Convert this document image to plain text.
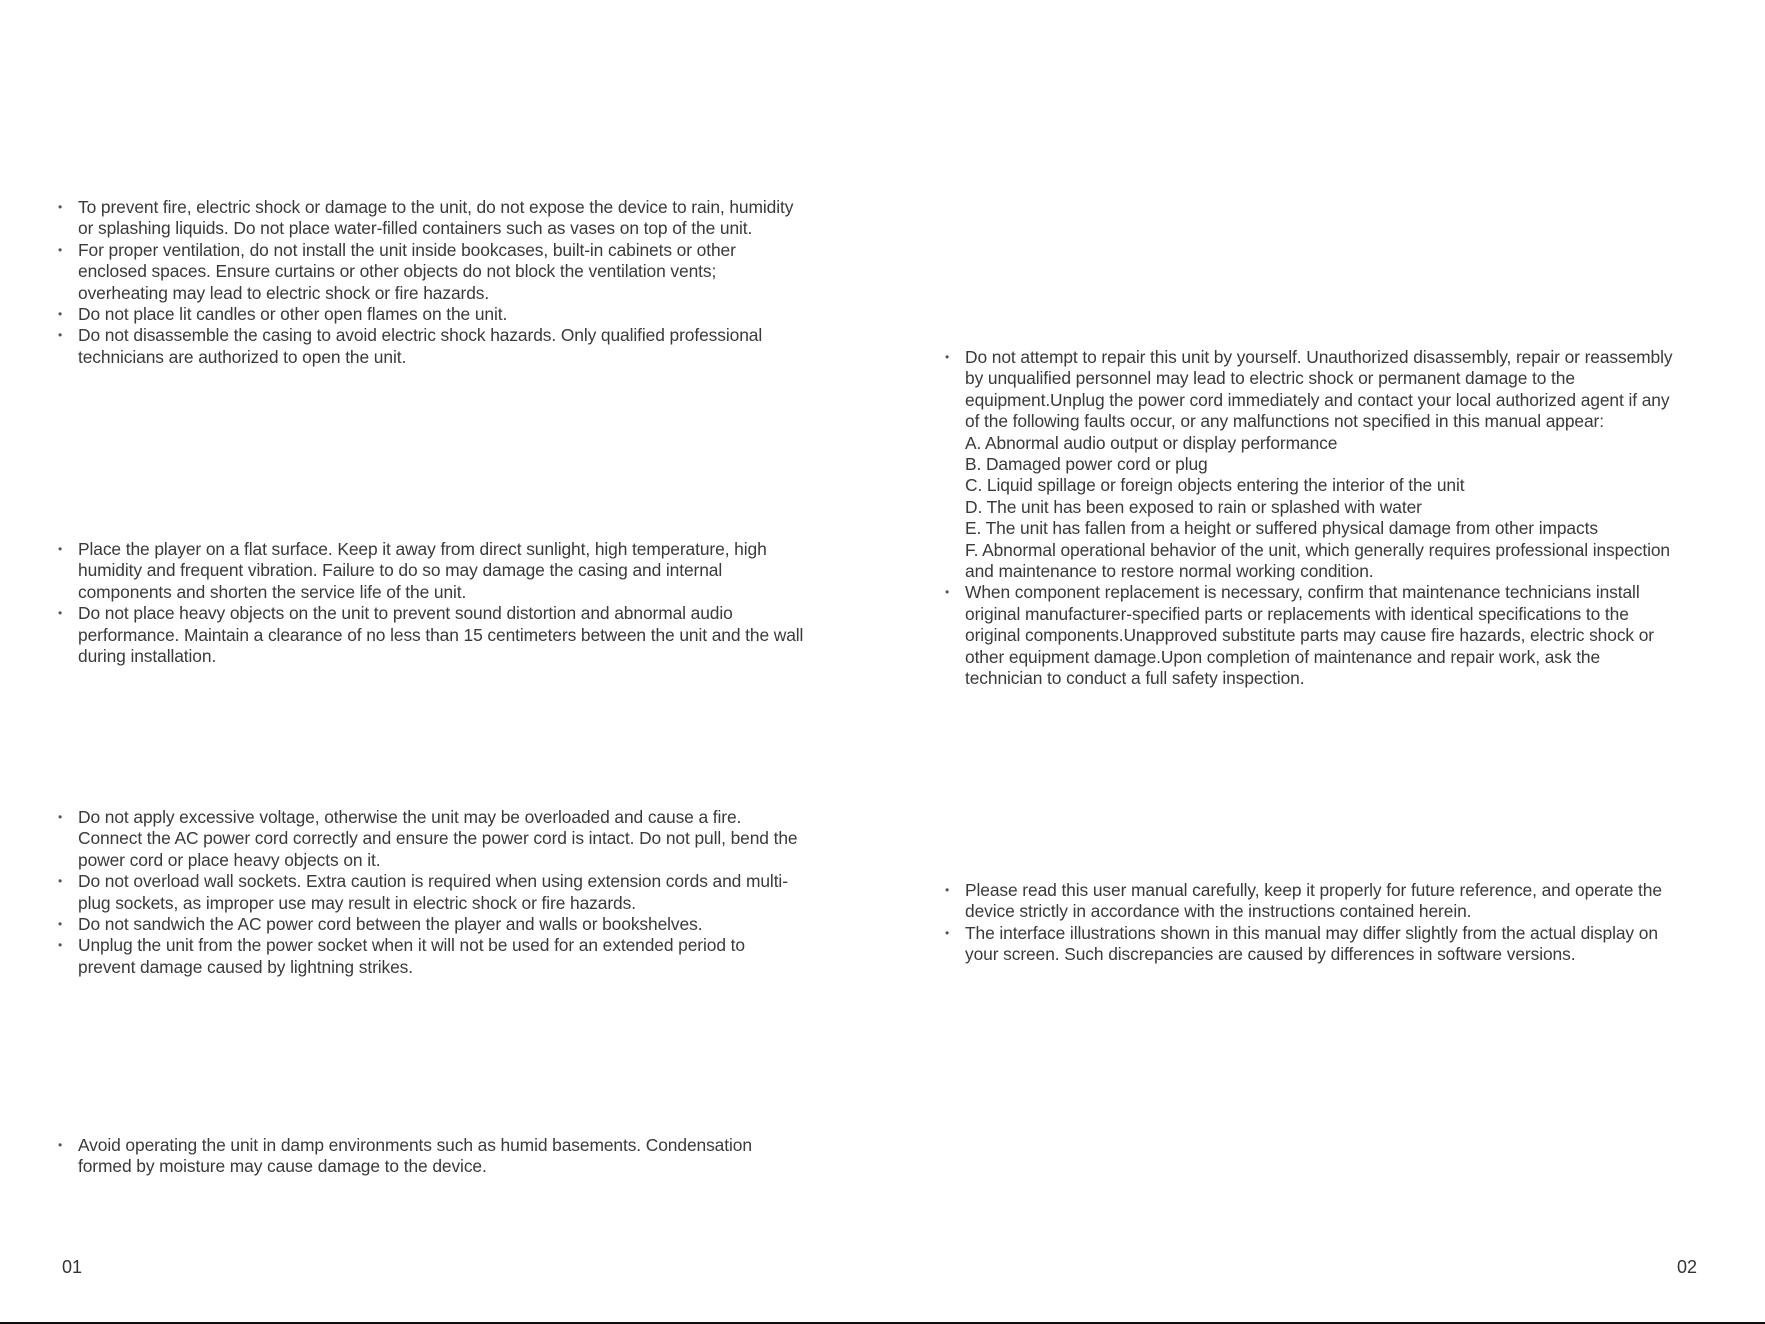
• To prevent fire, electric shock or damage to the unit, do not expose the device to rain, humidity or splashing liquids. Do not place water-filled containers such as vases on top of the unit.
• For proper ventilation, do not install the unit inside bookcases, built-in cabinets or other enclosed spaces. Ensure curtains or other objects do not block the ventilation vents; overheating may lead to electric shock or fire hazards.
• Do not place lit candles or other open flames on the unit.
• Do not disassemble the casing to avoid electric shock hazards. Only qualified professional technicians are authorized to open the unit.
• Place the player on a flat surface. Keep it away from direct sunlight, high temperature, high humidity and frequent vibration. Failure to do so may damage the casing and internal components and shorten the service life of the unit.
• Do not place heavy objects on the unit to prevent sound distortion and abnormal audio performance. Maintain a clearance of no less than 15 centimeters between the unit and the wall during installation.
• Do not apply excessive voltage, otherwise the unit may be overloaded and cause a fire. Connect the AC power cord correctly and ensure the power cord is intact. Do not pull, bend the power cord or place heavy objects on it.
• Do not overload wall sockets. Extra caution is required when using extension cords and multi-plug sockets, as improper use may result in electric shock or fire hazards.
• Do not sandwich the AC power cord between the player and walls or bookshelves.
• Unplug the unit from the power socket when it will not be used for an extended period to prevent damage caused by lightning strikes.
• Avoid operating the unit in damp environments such as humid basements. Condensation formed by moisture may cause damage to the device.
01
• Do not attempt to repair this unit by yourself. Unauthorized disassembly, repair or reassembly by unqualified personnel may lead to electric shock or permanent damage to the equipment.Unplug the power cord immediately and contact your local authorized agent if any of the following faults occur, or any malfunctions not specified in this manual appear:
A. Abnormal audio output or display performance
B. Damaged power cord or plug
C. Liquid spillage or foreign objects entering the interior of the unit
D. The unit has been exposed to rain or splashed with water
E. The unit has fallen from a height or suffered physical damage from other impacts
F. Abnormal operational behavior of the unit, which generally requires professional inspection and maintenance to restore normal working condition.
• When component replacement is necessary, confirm that maintenance technicians install original manufacturer-specified parts or replacements with identical specifications to the original components.Unapproved substitute parts may cause fire hazards, electric shock or other equipment damage.Upon completion of maintenance and repair work, ask the technician to conduct a full safety inspection.
• Please read this user manual carefully, keep it properly for future reference, and operate the device strictly in accordance with the instructions contained herein.
• The interface illustrations shown in this manual may differ slightly from the actual display on your screen. Such discrepancies are caused by differences in software versions.
02
